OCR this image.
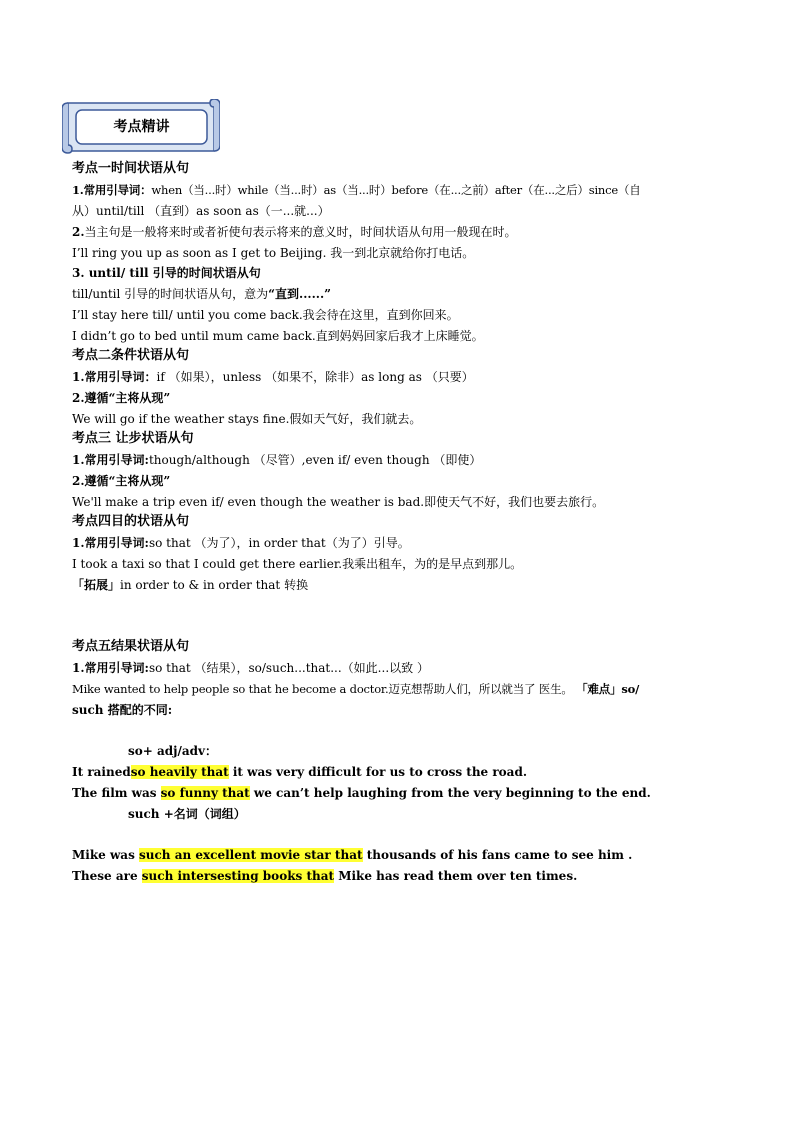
考点精讲
考点一时间状语从句
1.常用引导词：when（当...时）while（当...时）as（当...时）before（在...之前）after（在...之后）since（自
从）until/till （直到）as soon as（一...就...）
2.当主句是一般将来时或者祈使句表示将来的意义时，时间状语从句用一般现在时。
I’ll ring you up as soon as I get to Beijing. 我一到北京就给你打电话。
3. until/ till 引导的时间状语从句
till/until 引导的时间状语从句，意为“直到......”
I’ll stay here till/ until you come back.我会待在这里，直到你回来。
I didn’t go to bed until mum came back.直到妈妈回家后我才上床睡觉。
考点二条件状语从句
1.常用引导词：if （如果），unless （如果不，除非）as long as （只要）
2.遵循“主将从现”
We will go if the weather stays fine.假如天气好，我们就去。
考点三 让步状语从句
1.常用引导词:though/although （尽管）,even if/ even though （即使）
2.遵循“主将从现”
We'll make a trip even if/ even though the weather is bad.即使天气不好，我们也要去旅行。
考点四目的状语从句
1.常用引导词:so that （为了），in order that（为了）引导。
I took a taxi so that I could get there earlier.我乘出租车，为的是早点到那儿。
「拓展」in order to & in order that 转换
考点五结果状语从句
1.常用引导词:so that （结果），so/such...that...（如此...以致 ）
Mike wanted to help people so that he become a doctor.迈克想帮助人们，所以就当了 医生。 「难点」so/
such 搭配的不同:
so+ adj/adv：
It rainedso heavily that it was very difficult for us to cross the road.
The film was so funny that we can’t help laughing from the very beginning to the end.
such +名词（词组）
Mike was such an excellent movie star that thousands of his fans came to see him .
These are such intersesting books that Mike has read them over ten times.
